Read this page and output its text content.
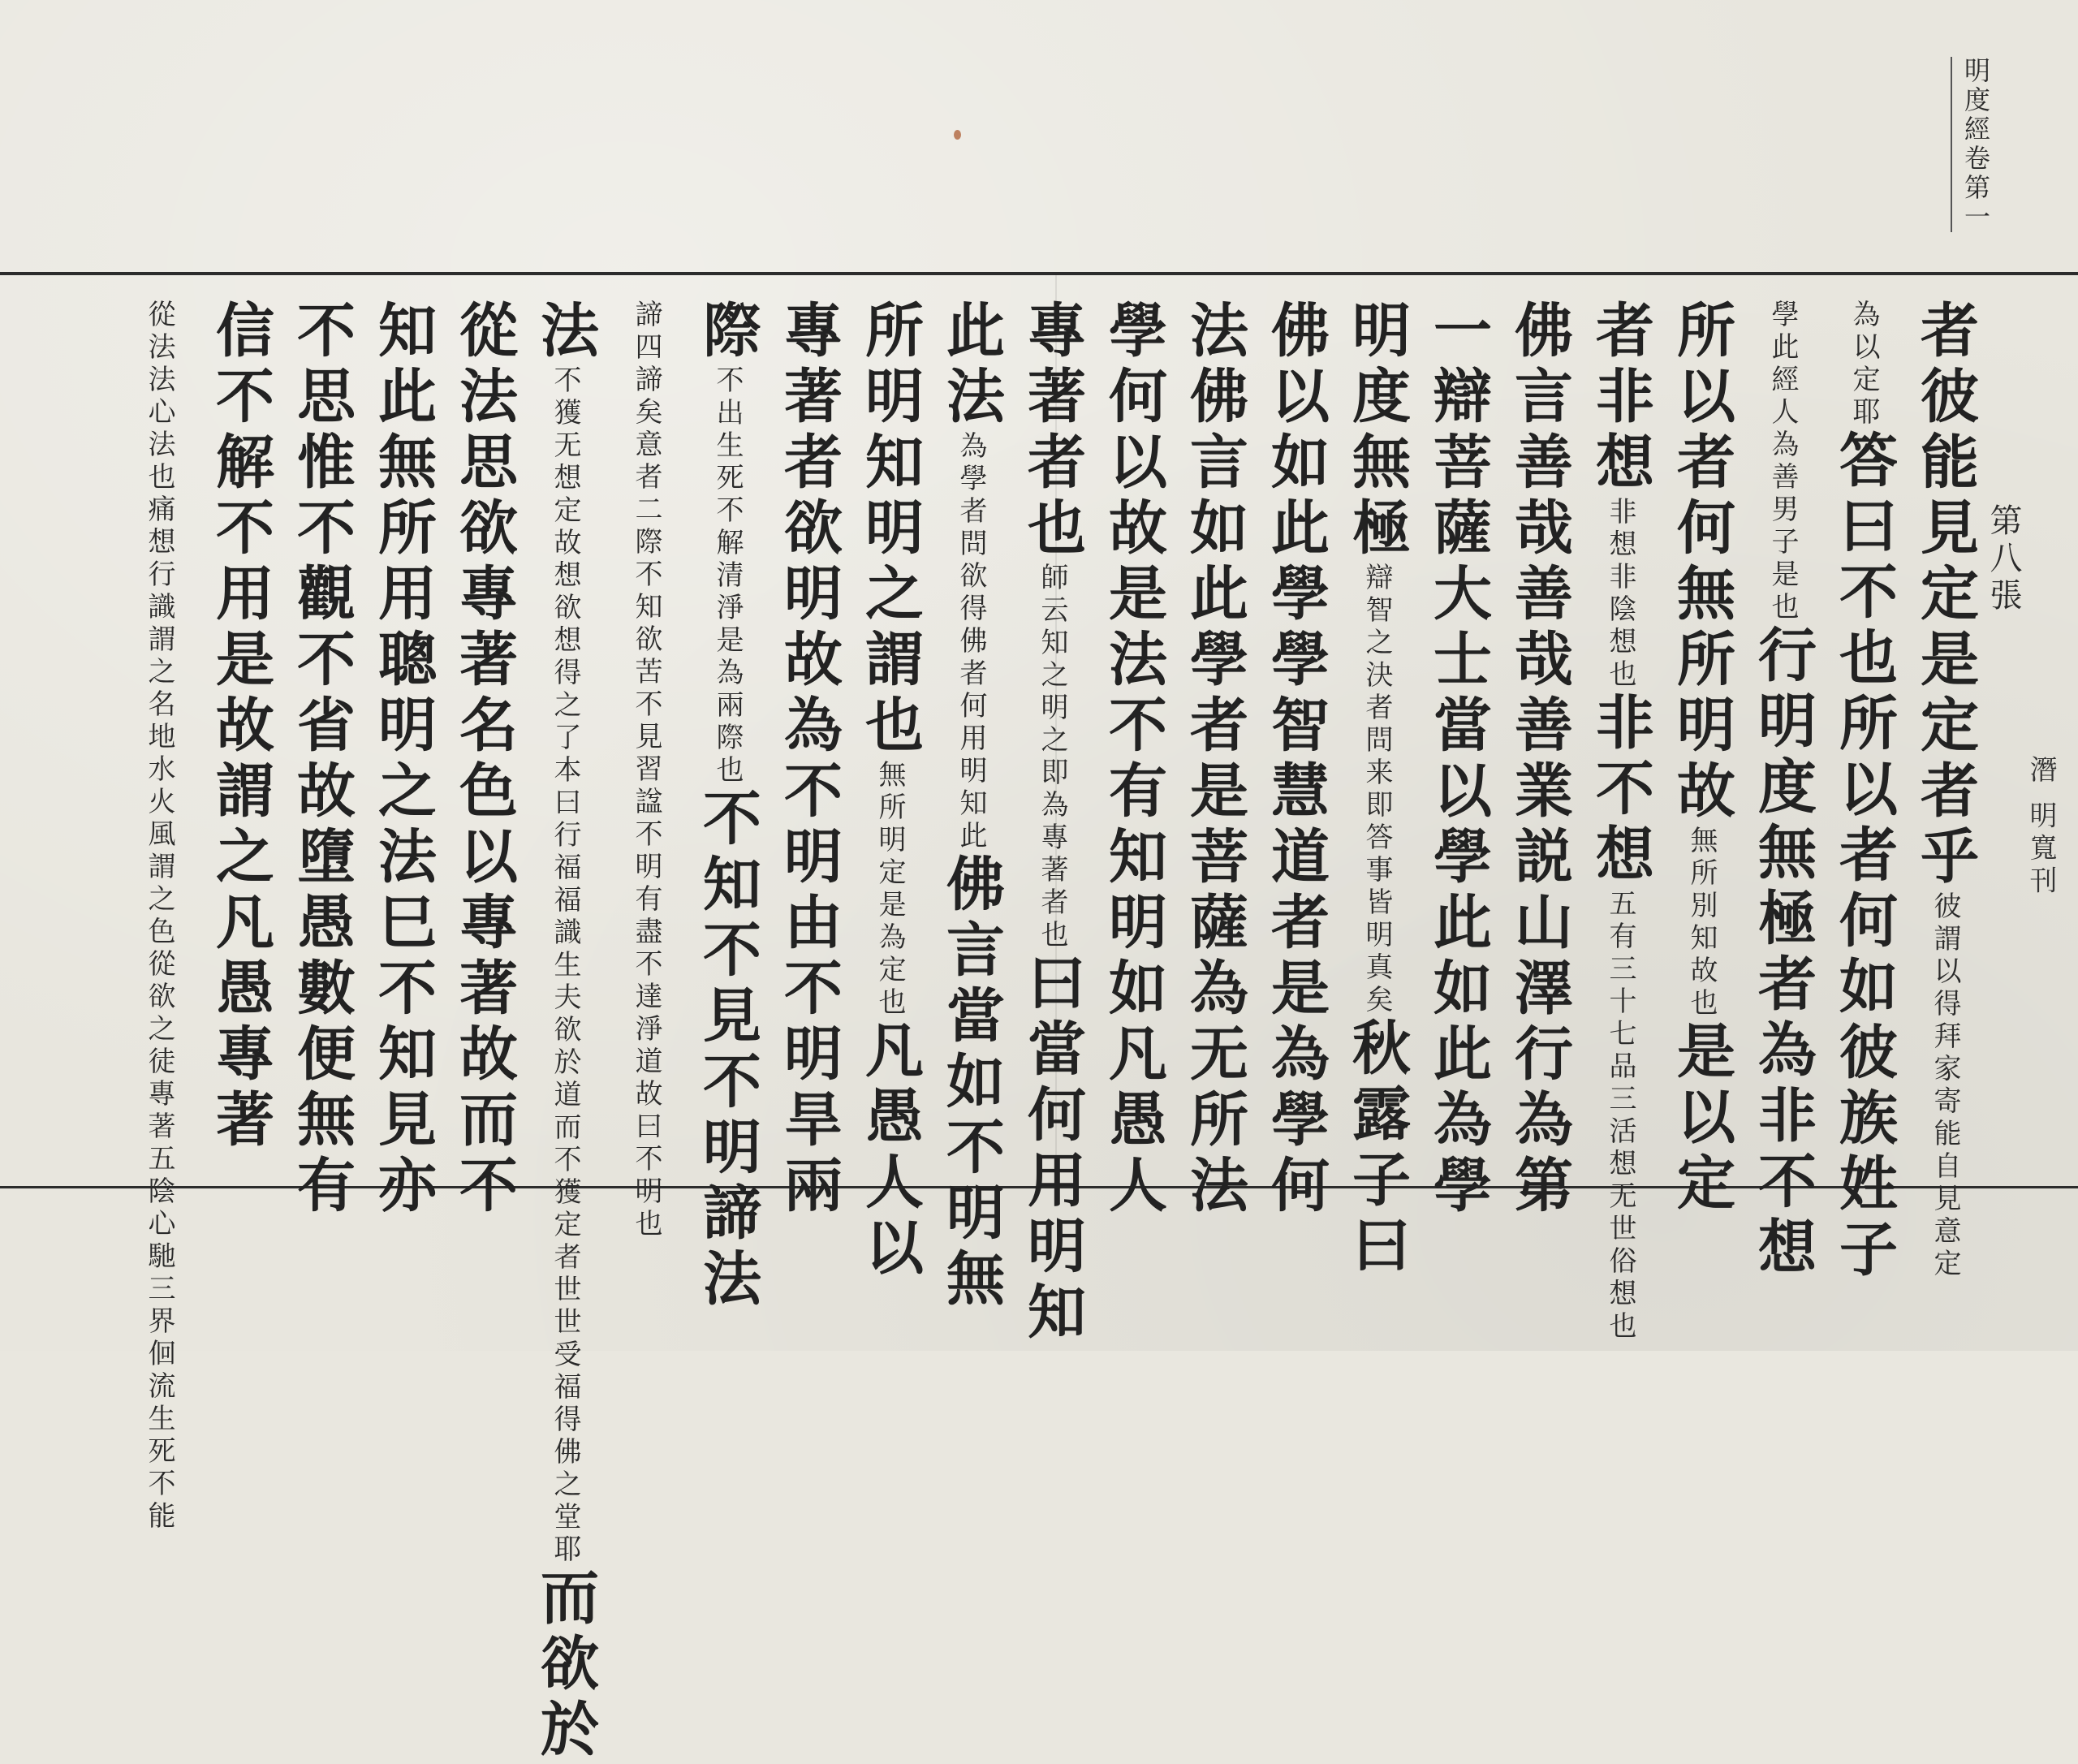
者彼能見定是定者乎彼謂以得拜家寄能自見意定
為以定耶答曰不也所以者何如彼族姓子
學此經人為善男子是也行明度無極者為非不想
所以者何無所明故無所別知故也是以定
者非想非想非陰想也非不想五有三十七品三活想无世俗想也
佛言善哉善哉善業説山澤行為第
一辯菩薩大士當以學此如此為學
明度無極辯智之決者問来即答事皆明真矣秋露子曰
佛以如此學學智慧道者是為學何
法佛言如此學者是菩薩為无所法
學何以故是法不有知明如凡愚人
專著者也師云知之明之即為專著者也曰當何用明知
此法為學者問欲得佛者何用明知此佛言當如不明無
所明知明之謂也無所明定是為定也凡愚人以
專著者欲明故為不明由不明旱兩
際不出生死不解清淨是為兩際也不知不見不明諦法
諦四諦矣意者二際不知欲苦不見習諡不明有盡不達淨道故曰不明也
法不獲无想定故想欲想得之了本曰行福福識生夫欲於道而不獲定者世世受福得佛之堂耶而欲於
從法思欲專著名色以專著故而不
知此無所用聰明之法巳不知見亦
不思惟不觀不省故墮愚數便無有
信不解不用是故謂之凡愚專著
從法法心法也痛想行識謂之名地水火風謂之色從欲之徒專著五陰心馳三界佪流生死不能
明度經卷第一
第八張
潛 明寬刊
